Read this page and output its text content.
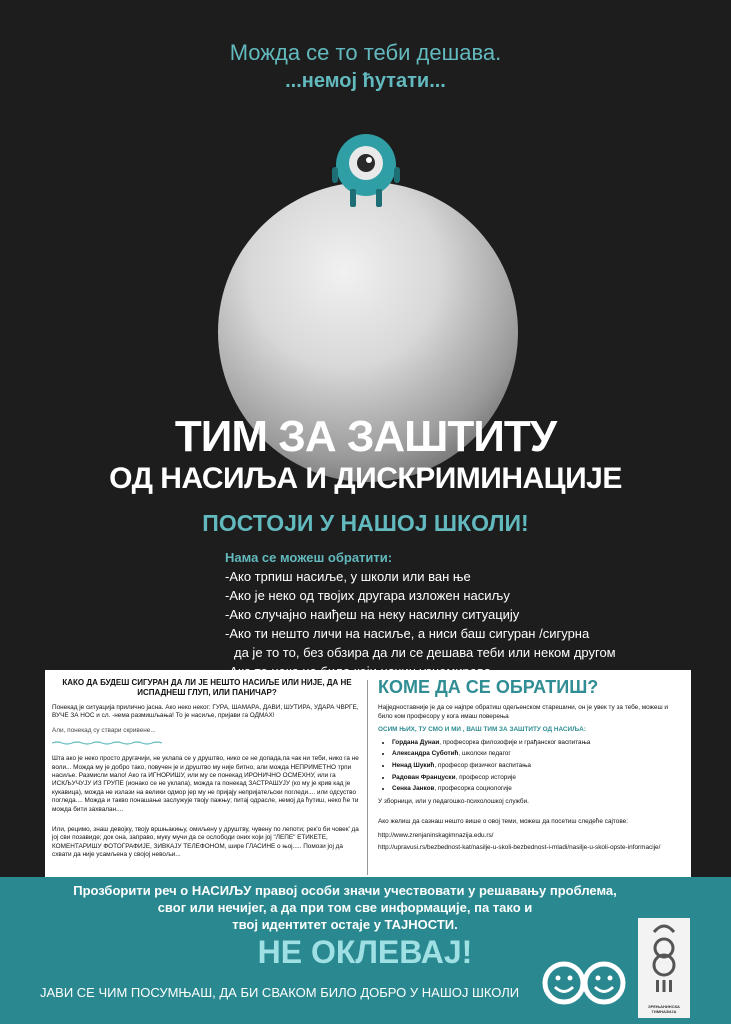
Можда се то теби дешава.
...немој ћутати...
ТИМ ЗА ЗАШТИТУ
ОД НАСИЉА И ДИСКРИМИНАЦИЈЕ
ПОСТОЈИ У НАШОЈ ШКОЛИ!
Нама се можеш обратити:
-Ако трпиш насиље, у школи или ван ње
-Ако је неко од твојих другара изложен насиљу
-Ако случајно наиђеш на неку насилну ситуацију
-Ако ти нешто личи на насиље, а ниси баш сигуран /сигурна
да је то то, без обзира да ли се дешава теби или неком другом
КАКО ДА БУДЕШ СИГУРАН ДА ЛИ ЈЕ НЕШТО НАСИЉЕ ИЛИ НИЈЕ, ДА НЕ ИСПАДНЕШ ГЛУП, ИЛИ ПАНИЧАР?

Понекад је ситуација прилично јасна. Ако неко неког: ГУРА, ШАМАРА, ДАВИ, ШУТИРА, УДАРА ЧВРГЕ, ВУЧЕ ЗА НОС и сл. -нема размишљања! То је насиље, пријави га ОДМАХ!

Али, понекад су ствари скривене...

Шта ако је неко просто другачији, не уклапа се у друштво, нико се не допада,па чак ни теби, нико га не воли... Можда му је добро тако, повучен је и друштво му није битно, али можда НЕПРИМЕТНО трпи насиље. Размисли мало! Ако га ИГНОРИШУ, или му се понекад ИРОНИЧНО ОСМЕХНУ, или га ИСКЉУЧУЈУ ИЗ ГРУПЕ (ионако се не уклапа), можда га понекад ЗАСТРАШУЈУ (ко му је крив кад је кукавица), можда не излази на велики одмор јер му не пријају непријатељски погледи.... или одсуство погледа.... Можда и такво понашање заслужује твоју пажњу; питај одрасле, немој да ћутиш, неко ће ти можда бити захвалан....

Или, рецимо, знаш девојку, твоју вршњакињу, омиљену у друштву, чувену по лепоти; рек'о би човек' да јој сви позавиде; док она, заправо, муку мучи да се ослободи оних који јој "ЛЕПЕ" ЕТИКЕТЕ, КОМЕНТАРИШУ ФОТОГРАФИЈЕ, ЗИВКАЈУ ТЕЛЕФОНОМ, шире ГЛАСИНЕ о њој..... Помози јој да схвати да није усамљена у својој невољи...

КОМЕ ДА СЕ ОБРАТИШ?

Најједноставније је да се најпре обратиш одељенском старешини, он је увек ту за тебе, можеш и било ком професору у кога имаш поверења

ОСИМ ЊИХ, ТУ СМО И МИ , ВАШ ТИМ ЗА ЗАШТИТУ ОД НАСИЉА:
• Гордана Дунаи, професорка филозофије и грађанског васпитања
• Александра Суботић, школски педагог
• Ненад Шукић, професор физичког васпитања
• Радован Француски, професор историје
• Сенка Јанков, професорка социологије

У зборници, или у педагошко-психолошкој служби.

Ако желиш да сазнаш нешто више о овој теми, можеш да посетиш следеће сајтове:

http://www.zrenjaninskagimnazija.edu.rs/
http://upravusi.rs/bezbednost-kat/nasilje-u-skoli-bezbednost-i-mladi/nasilje-u-skoli-opste-informacije/
Прозборити реч о НАСИЉУ правој особи значи учествовати у решавању проблема,
свог или нечијег, а да при том све информације, па тако и
твој идентитет остаје у ТАЈНОСТИ.
НЕ ОКЛЕВАЈ!
ЈАВИ СЕ ЧИМ ПОСУМЊАШ, ДА БИ СВАКОМ БИЛО ДОБРО У НАШОЈ ШКОЛИ
ЗРЕЊАНИНСКА ГИМНАЗИЈА
